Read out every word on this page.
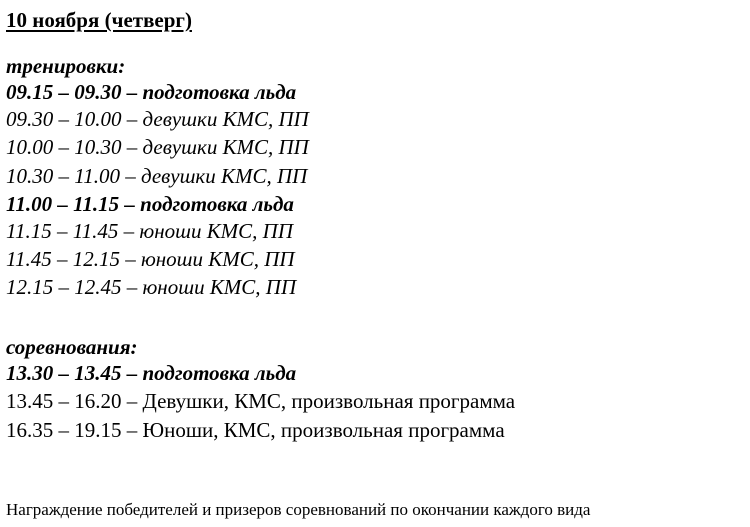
10 ноября (четверг)
тренировки:
09.15 – 09.30 – подготовка льда
09.30 – 10.00 – девушки КМС, ПП
10.00 – 10.30 – девушки КМС, ПП
10.30 – 11.00 – девушки КМС, ПП
11.00 – 11.15 – подготовка льда
11.15 – 11.45 – юноши КМС, ПП
11.45 – 12.15 – юноши КМС, ПП
12.15 – 12.45 – юноши КМС, ПП
соревнования:
13.30 – 13.45 – подготовка льда
13.45 – 16.20 – Девушки, КМС, произвольная программа
16.35 – 19.15 – Юноши, КМС, произвольная программа
Награждение победителей и призеров соревнований по окончании каждого вида
